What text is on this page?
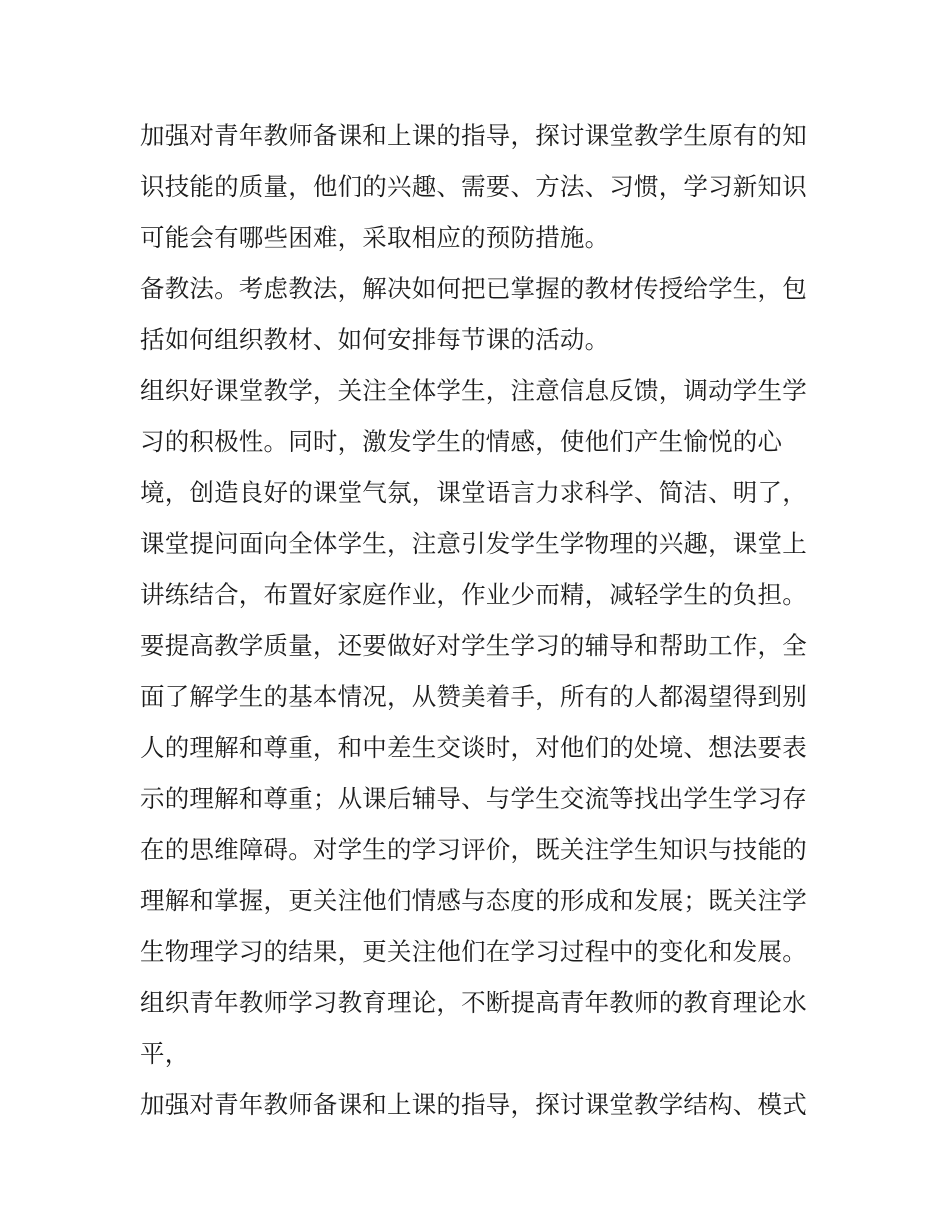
加强对青年教师备课和上课的指导，探讨课堂教学生原有的知
识技能的质量，他们的兴趣、需要、方法、习惯，学习新知识
可能会有哪些困难，采取相应的预防措施。
备教法。考虑教法，解决如何把已掌握的教材传授给学生，包
括如何组织教材、如何安排每节课的活动。
组织好课堂教学，关注全体学生，注意信息反馈，调动学生学
习的积极性。同时，激发学生的情感，使他们产生愉悦的心
境，创造良好的课堂气氛，课堂语言力求科学、简洁、明了，
课堂提问面向全体学生，注意引发学生学物理的兴趣，课堂上
讲练结合，布置好家庭作业，作业少而精，减轻学生的负担。
要提高教学质量，还要做好对学生学习的辅导和帮助工作，全
面了解学生的基本情况，从赞美着手，所有的人都渴望得到别
人的理解和尊重，和中差生交谈时，对他们的处境、想法要表
示的理解和尊重；从课后辅导、与学生交流等找出学生学习存
在的思维障碍。对学生的学习评价，既关注学生知识与技能的
理解和掌握，更关注他们情感与态度的形成和发展；既关注学
生物理学习的结果，更关注他们在学习过程中的变化和发展。
组织青年教师学习教育理论，不断提高青年教师的教育理论水
平，
加强对青年教师备课和上课的指导，探讨课堂教学结构、模式
